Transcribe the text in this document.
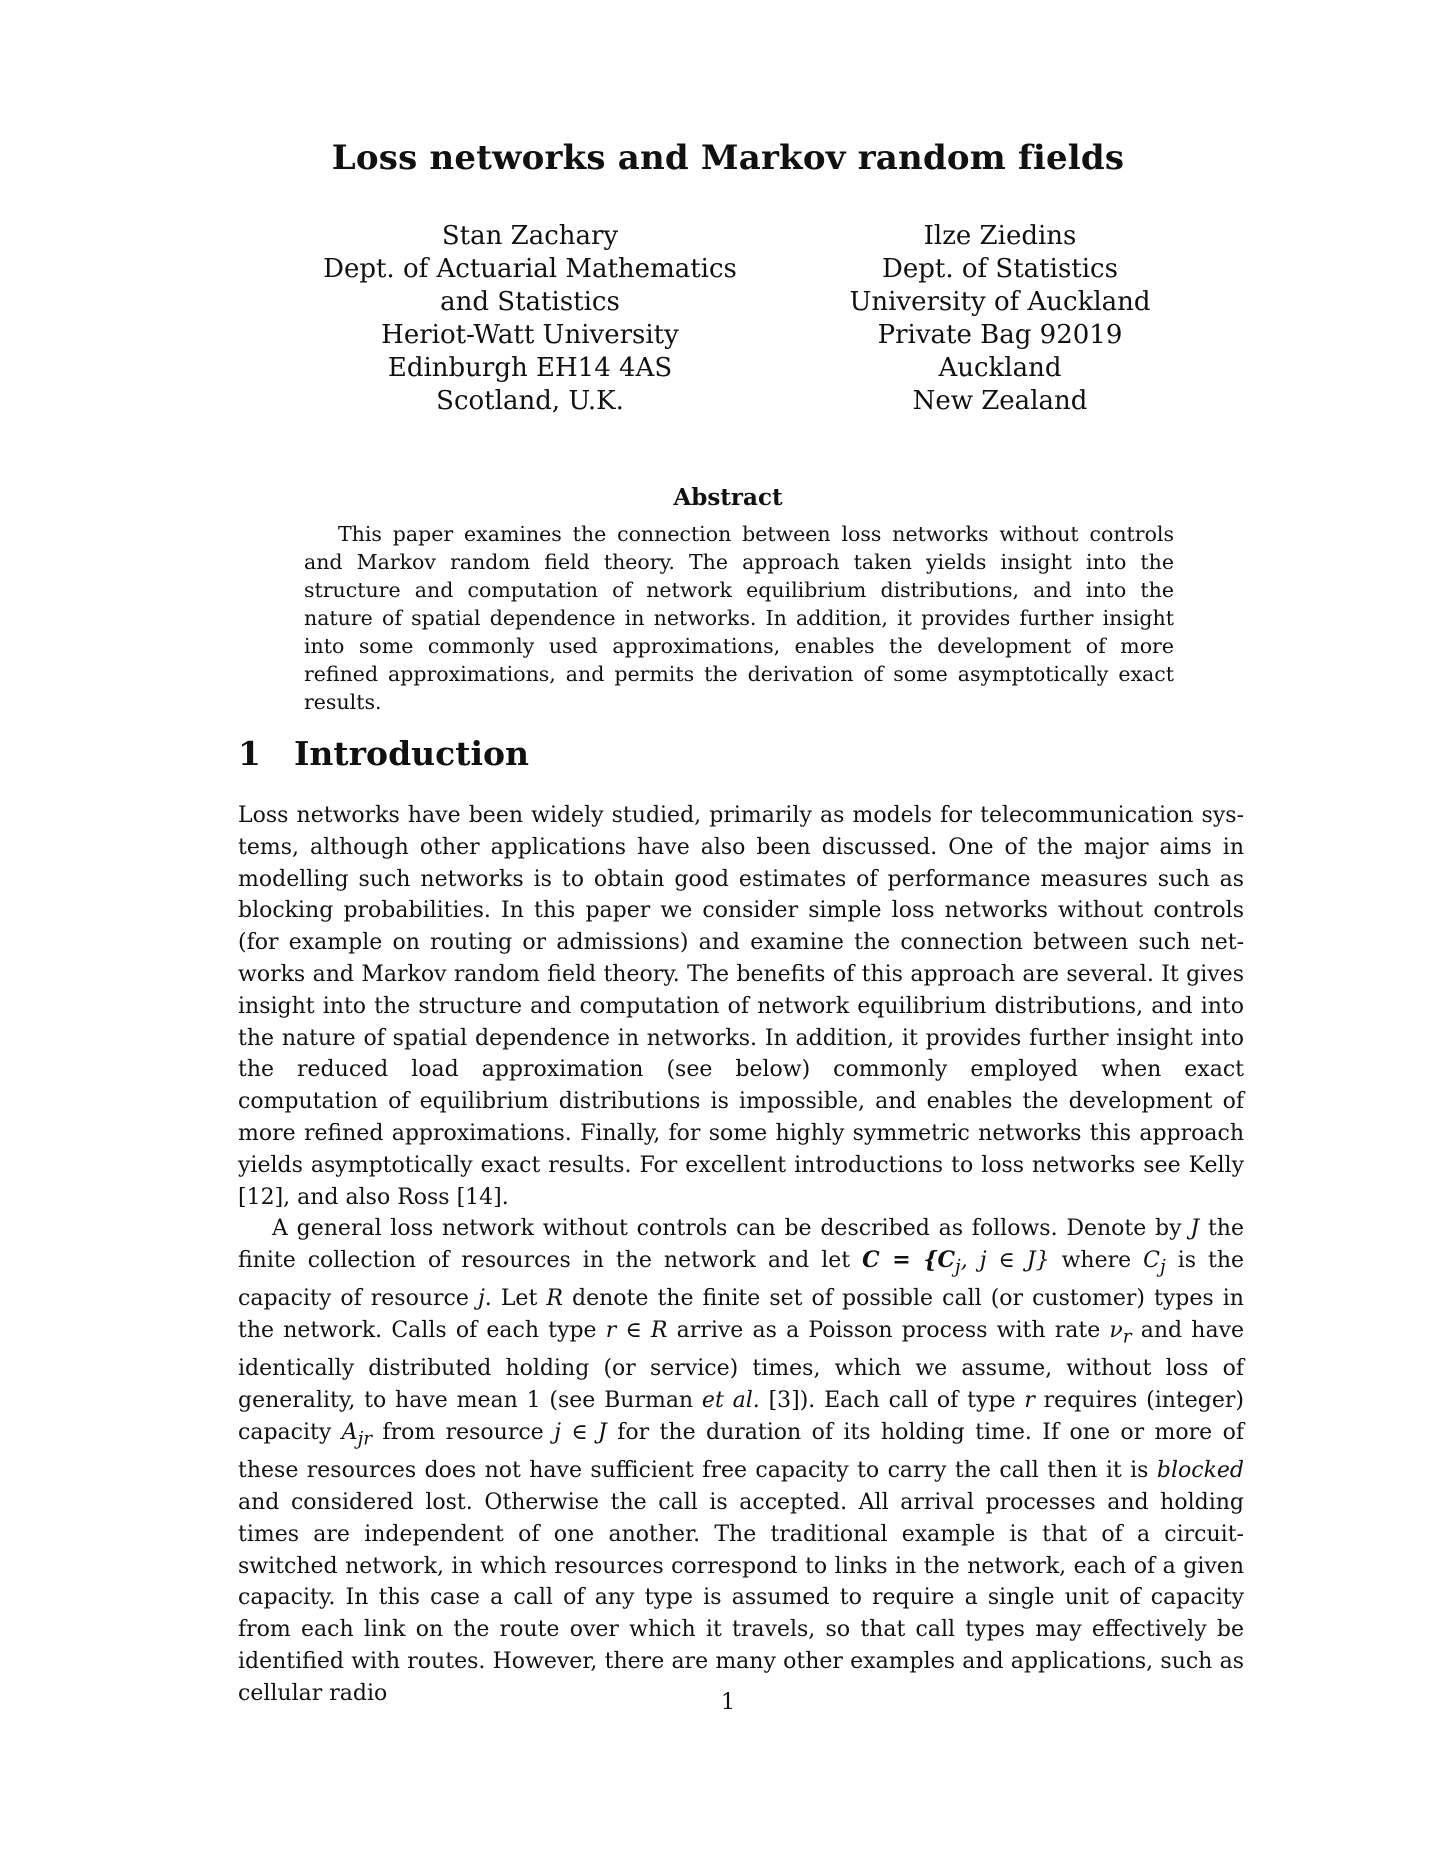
Loss networks and Markov random fields
Stan Zachary
Dept. of Actuarial Mathematics
and Statistics
Heriot-Watt University
Edinburgh EH14 4AS
Scotland, U.K.
Ilze Ziedins
Dept. of Statistics
University of Auckland
Private Bag 92019
Auckland
New Zealand
Abstract
This paper examines the connection between loss networks without controls and Markov random field theory. The approach taken yields insight into the structure and computation of network equilibrium distributions, and into the nature of spatial dependence in networks. In addition, it provides further insight into some commonly used approximations, enables the development of more refined approximations, and permits the derivation of some asymptotically exact results.
1 Introduction

Loss networks have been widely studied, primarily as models for telecommunication systems, although other applications have also been discussed. One of the major aims in modelling such networks is to obtain good estimates of performance measures such as blocking probabilities. In this paper we consider simple loss networks without controls (for example on routing or admissions) and examine the connection between such networks and Markov random field theory. The benefits of this approach are several. It gives insight into the structure and computation of network equilibrium distributions, and into the nature of spatial dependence in networks. In addition, it provides further insight into the reduced load approximation (see below) commonly employed when exact computation of equilibrium distributions is impossible, and enables the development of more refined approximations. Finally, for some highly symmetric networks this approach yields asymptotically exact results. For excellent introductions to loss networks see Kelly [12], and also Ross [14].

A general loss network without controls can be described as follows. Denote by J the finite collection of resources in the network and let $C = \{C_j$, j ∈ J} where $C_j$ is the capacity of resource j. Let R denote the finite set of possible call (or customer) types in the network. Calls of each type r ∈ R arrive as a Poisson process with rate $\nu_r$ and have identically distributed holding (or service) times, which we assume, without loss of generality, to have mean 1 (see Burman et al. [3]). Each call of type r requires (integer) capacity $A_{jr}$ from resource j ∈ J for the duration of its holding time. If one or more of these resources does not have sufficient free capacity to carry the call then it is blocked and considered lost. Otherwise the call is accepted. All arrival processes and holding times are independent of one another. The traditional example is that of a circuit-switched network, in which resources correspond to links in the network, each of a given capacity. In this case a call of any type is assumed to require a single unit of capacity from each link on the route over which it travels, so that call types may effectively be identified with routes. However, there are many other examples and applications, such as cellular radio	1
